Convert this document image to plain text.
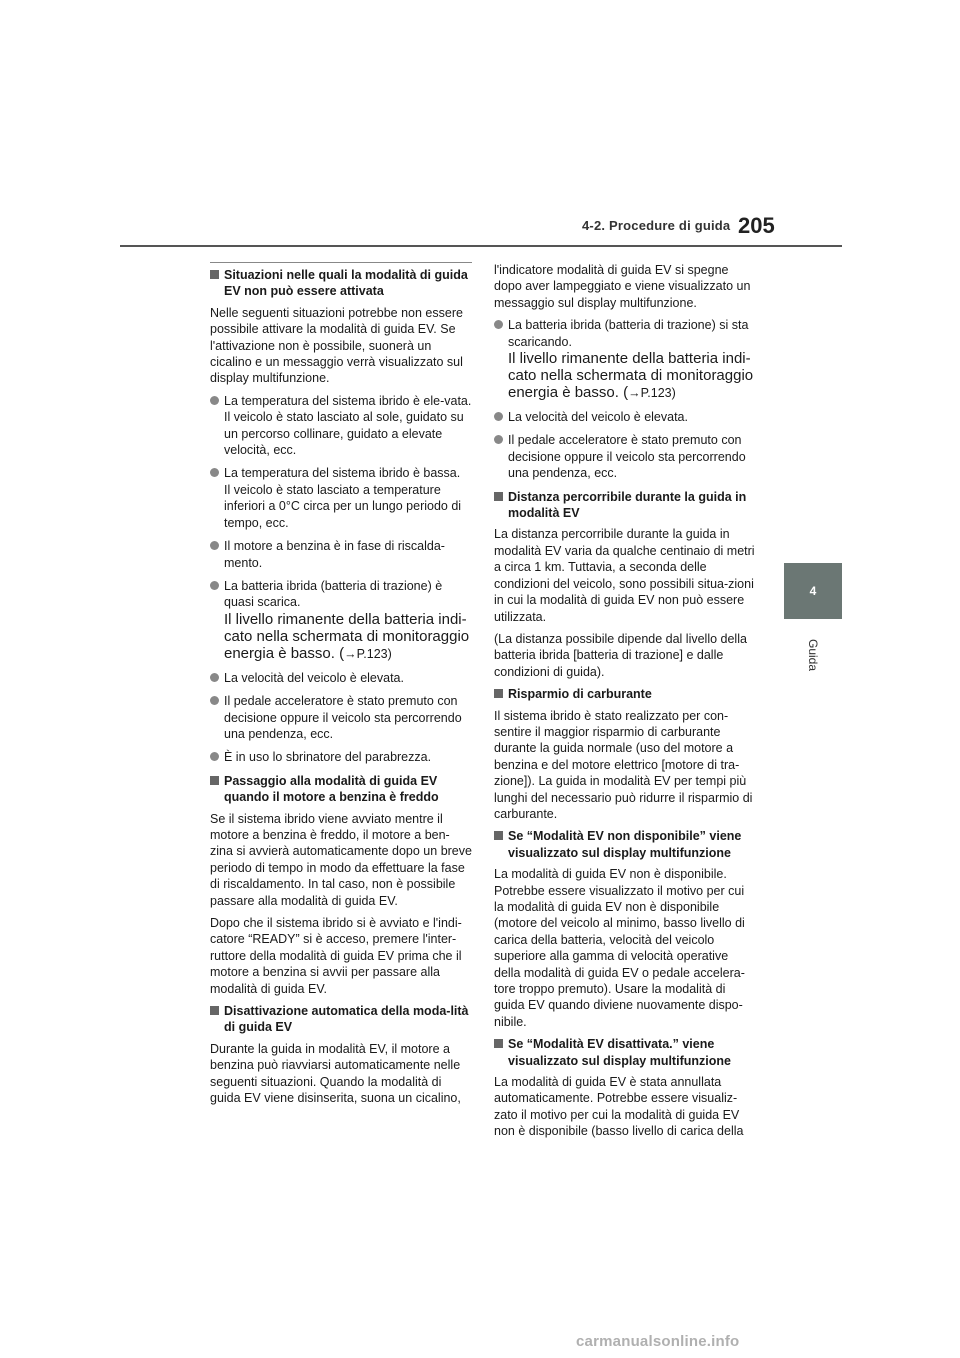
4-2. Procedure di guida 205
4
Guida
Situazioni nelle quali la modalità di guida EV non può essere attivata

Nelle seguenti situazioni potrebbe non essere possibile attivare la modalità di guida EV. Se l'attivazione non è possibile, suonerà un cicalino e un messaggio verrà visualizzato sul display multifunzione.

La temperatura del sistema ibrido è ele-vata.
Il veicolo è stato lasciato al sole, guidato su un percorso collinare, guidato a elevate velocità, ecc.
La temperatura del sistema ibrido è bassa.
Il veicolo è stato lasciato a temperature inferiori a 0°C circa per un lungo periodo di tempo, ecc.
Il motore a benzina è in fase di riscalda-mento.
La batteria ibrida (batteria di trazione) è quasi scarica.
Il livello rimanente della batteria indi-cato nella schermata di monitoraggio energia è basso. (→P.123)
La velocità del veicolo è elevata.
Il pedale acceleratore è stato premuto con decisione oppure il veicolo sta percorrendo una pendenza, ecc.
È in uso lo sbrinatore del parabrezza.
Passaggio alla modalità di guida EV quando il motore a benzina è freddo

Se il sistema ibrido viene avviato mentre il motore a benzina è freddo, il motore a ben-zina si avvierà automaticamente dopo un breve periodo di tempo in modo da effettuare la fase di riscaldamento. In tal caso, non è possibile passare alla modalità di guida EV.

Dopo che il sistema ibrido si è avviato e l'indi-catore “READY” si è acceso, premere l'inter-ruttore della modalità di guida EV prima che il motore a benzina si avvii per passare alla modalità di guida EV.

Disattivazione automatica della moda-lità di guida EV

Durante la guida in modalità EV, il motore a benzina può riavviarsi automaticamente nelle seguenti situazioni. Quando la modalità di guida EV viene disinserita, suona un cicalino,

l'indicatore modalità di guida EV si spegne dopo aver lampeggiato e viene visualizzato un messaggio sul display multifunzione.

La batteria ibrida (batteria di trazione) si sta scaricando.
Il livello rimanente della batteria indi-cato nella schermata di monitoraggio energia è basso. (→P.123)
La velocità del veicolo è elevata.
Il pedale acceleratore è stato premuto con decisione oppure il veicolo sta percorrendo una pendenza, ecc.
Distanza percorribile durante la guida in modalità EV

La distanza percorribile durante la guida in modalità EV varia da qualche centinaio di metri a circa 1 km. Tuttavia, a seconda delle condizioni del veicolo, sono possibili situa-zioni in cui la modalità di guida EV non può essere utilizzata.

(La distanza possibile dipende dal livello della batteria ibrida [batteria di trazione] e dalle condizioni di guida).

Risparmio di carburante

Il sistema ibrido è stato realizzato per con-sentire il maggior risparmio di carburante durante la guida normale (uso del motore a benzina e del motore elettrico [motore di tra-zione]). La guida in modalità EV per tempi più lunghi del necessario può ridurre il risparmio di carburante.

Se “Modalità EV non disponibile” viene visualizzato sul display multifunzione

La modalità di guida EV non è disponibile. Potrebbe essere visualizzato il motivo per cui la modalità di guida EV non è disponibile (motore del veicolo al minimo, basso livello di carica della batteria, velocità del veicolo superiore alla gamma di velocità operative della modalità di guida EV o pedale accelera-tore troppo premuto). Usare la modalità di guida EV quando diviene nuovamente dispo-nibile.

Se “Modalità EV disattivata.” viene visualizzato sul display multifunzione

La modalità di guida EV è stata annullata automaticamente. Potrebbe essere visualiz-zato il motivo per cui la modalità di guida EV non è disponibile (basso livello di carica della

carmanualsonline.info
